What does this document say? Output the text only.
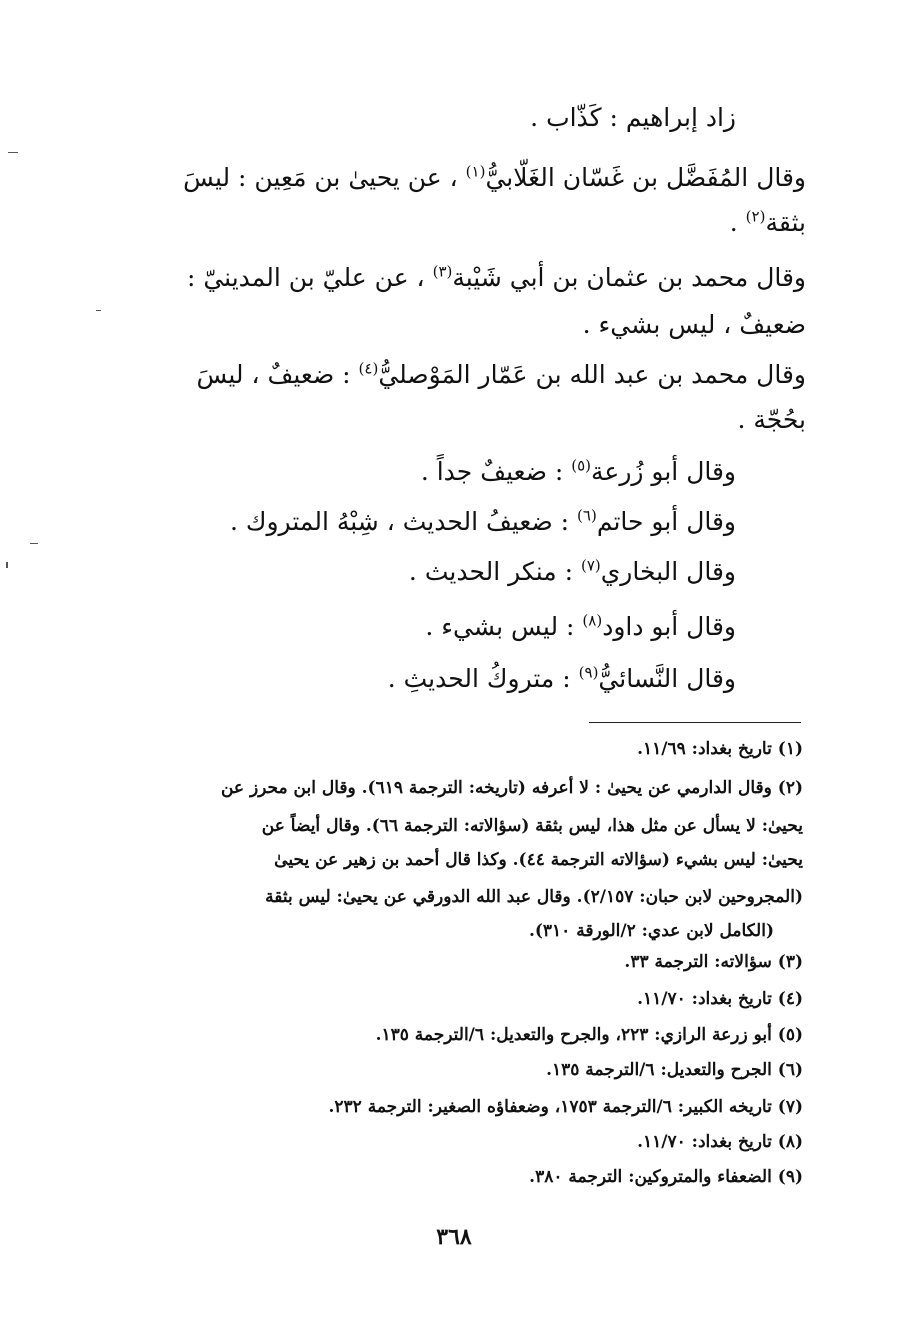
زاد إبراهيم : كَذّاب .
وقال المُفَضَّل بن غَسّان الغَلّابيُّ$^{(١)}$ ، عن يحيىٰ بن مَعِين : ليسَ
بثقة$^{(٢)}$ .
وقال محمد بن عثمان بن أبي شَيْبة$^{(٣)}$ ، عن عليّ بن المدينيّ :
ضعيفٌ ، ليس بشيء .
وقال محمد بن عبد الله بن عَمّار المَوْصليُّ$^{(٤)}$ : ضعيفٌ ، ليسَ
بحُجّة .
وقال أبو زُرعة$^{(٥)}$ : ضعيفٌ جداً .
وقال أبو حاتم$^{(٦)}$ : ضعيفُ الحديث ، شِبْهُ المتروك .
وقال البخاري$^{(٧)}$ : منكر الحديث .
وقال أبو داود$^{(٨)}$ : ليس بشيء .
وقال النَّسائيُّ$^{(٩)}$ : متروكُ الحديثِ .
(١) تاريخ بغداد: ١١/٦٩.
(٢) وقال الدارمي عن يحيىٰ : لا أعرفه (تاريخه: الترجمة ٦١٩). وقال ابن محرز عن
يحيىٰ: لا يسأل عن مثل هذا، ليس بثقة (سؤالاته: الترجمة ٦٦). وقال أيضاً عن
يحيىٰ: ليس بشيء (سؤالاته الترجمة ٤٤). وكذا قال أحمد بن زهير عن يحيىٰ
(المجروحين لابن حبان: ٢/١٥٧). وقال عبد الله الدورقي عن يحيىٰ: ليس بثقة
(الكامل لابن عدي: ٢/الورقة ٣١٠).
(٣) سؤالاته: الترجمة ٣٣.
(٤) تاريخ بغداد: ١١/٧٠.
(٥) أبو زرعة الرازي: ٢٢٣، والجرح والتعديل: ٦/الترجمة ١٣٥.
(٦) الجرح والتعديل: ٦/الترجمة ١٣٥.
(٧) تاريخه الكبير: ٦/الترجمة ١٧٥٣، وضعفاؤه الصغير: الترجمة ٢٣٢.
(٨) تاريخ بغداد: ١١/٧٠.
(٩) الضعفاء والمتروكين: الترجمة ٣٨٠.
٣٦٨
